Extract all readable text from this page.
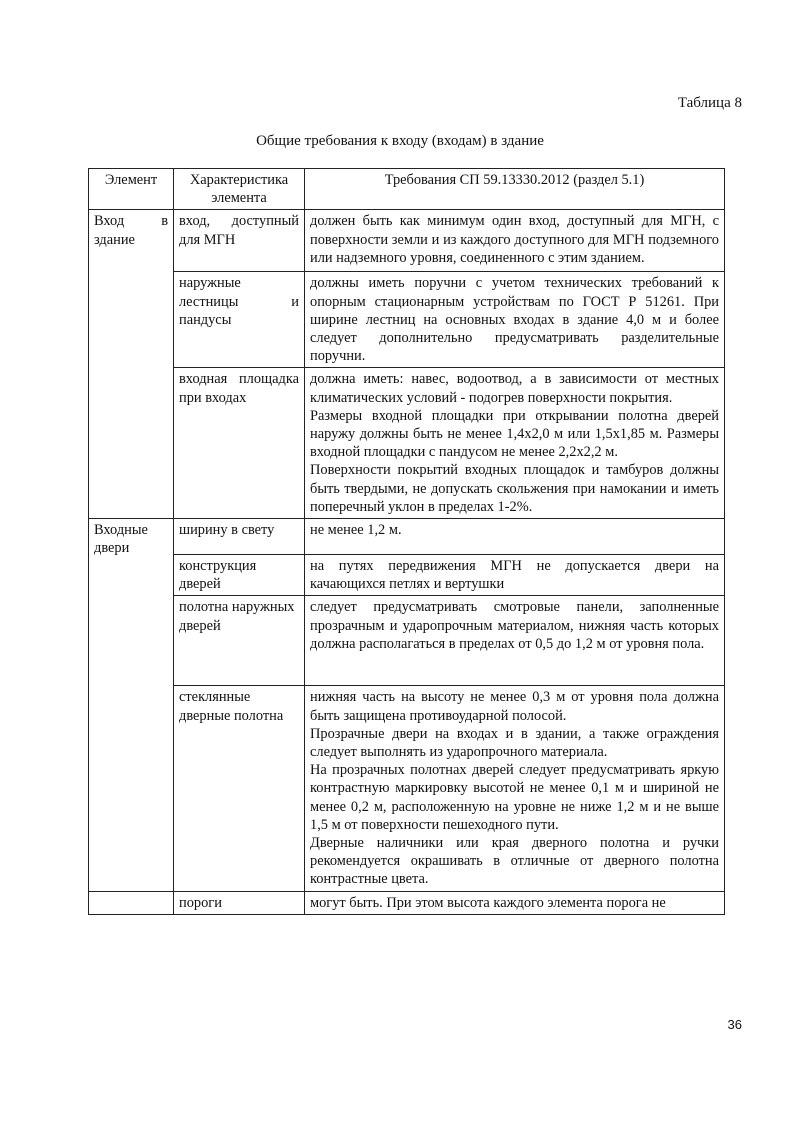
Таблица 8
Общие требования к входу (входам) в здание
Элемент	Характеристика элемента	Требования СП 59.13330.2012 (раздел 5.1)
Вход в здание	вход, доступный для МГН	должен быть как минимум один вход, доступный для МГН, с поверхности земли и из каждого доступного для МГН подземного или надземного уровня, соединенного с этим зданием.

	наружные лестницы и пандусы	должны иметь поручни с учетом технических требований к опорным стационарным устройствам по ГОСТ Р 51261. При ширине лестниц на основных входах в здание 4,0 м и более следует дополнительно предусматривать разделительные поручни.

	входная площадка при входах	должна иметь: навес, водоотвод, а в зависимости от местных климатических условий - подогрев поверхности покрытия.

Размеры входной площадки при открывании полотна дверей наружу должны быть не менее 1,4х2,0 м или 1,5х1,85 м. Размеры входной площадки с пандусом не менее 2,2х2,2 м.

Поверхности покрытий входных площадок и тамбуров должны быть твердыми, не допускать скольжения при намокании и иметь поперечный уклон в пределах 1-2%.

Входные двери	ширину в свету	не менее 1,2 м.

	конструкция дверей	на путях передвижения МГН не допускается двери на качающихся петлях и вертушки

	полотна наружных дверей	следует предусматривать смотровые панели, заполненные прозрачным и ударопрочным материалом, нижняя часть которых должна располагаться в пределах от 0,5 до 1,2 м от уровня пола.

	стеклянные дверные полотна	нижняя часть на высоту не менее 0,3 м от уровня пола должна быть защищена противоударной полосой.

Прозрачные двери на входах и в здании, а также ограждения следует выполнять из ударопрочного материала.

На прозрачных полотнах дверей следует предусматривать яркую контрастную маркировку высотой не менее 0,1 м и шириной не менее 0,2 м, расположенную на уровне не ниже 1,2 м и не выше 1,5 м от поверхности пешеходного пути.

Дверные наличники или края дверного полотна и ручки рекомендуется окрашивать в отличные от дверного полотна контрастные цвета.

	пороги	могут быть. При этом высота каждого элемента порога не

36
